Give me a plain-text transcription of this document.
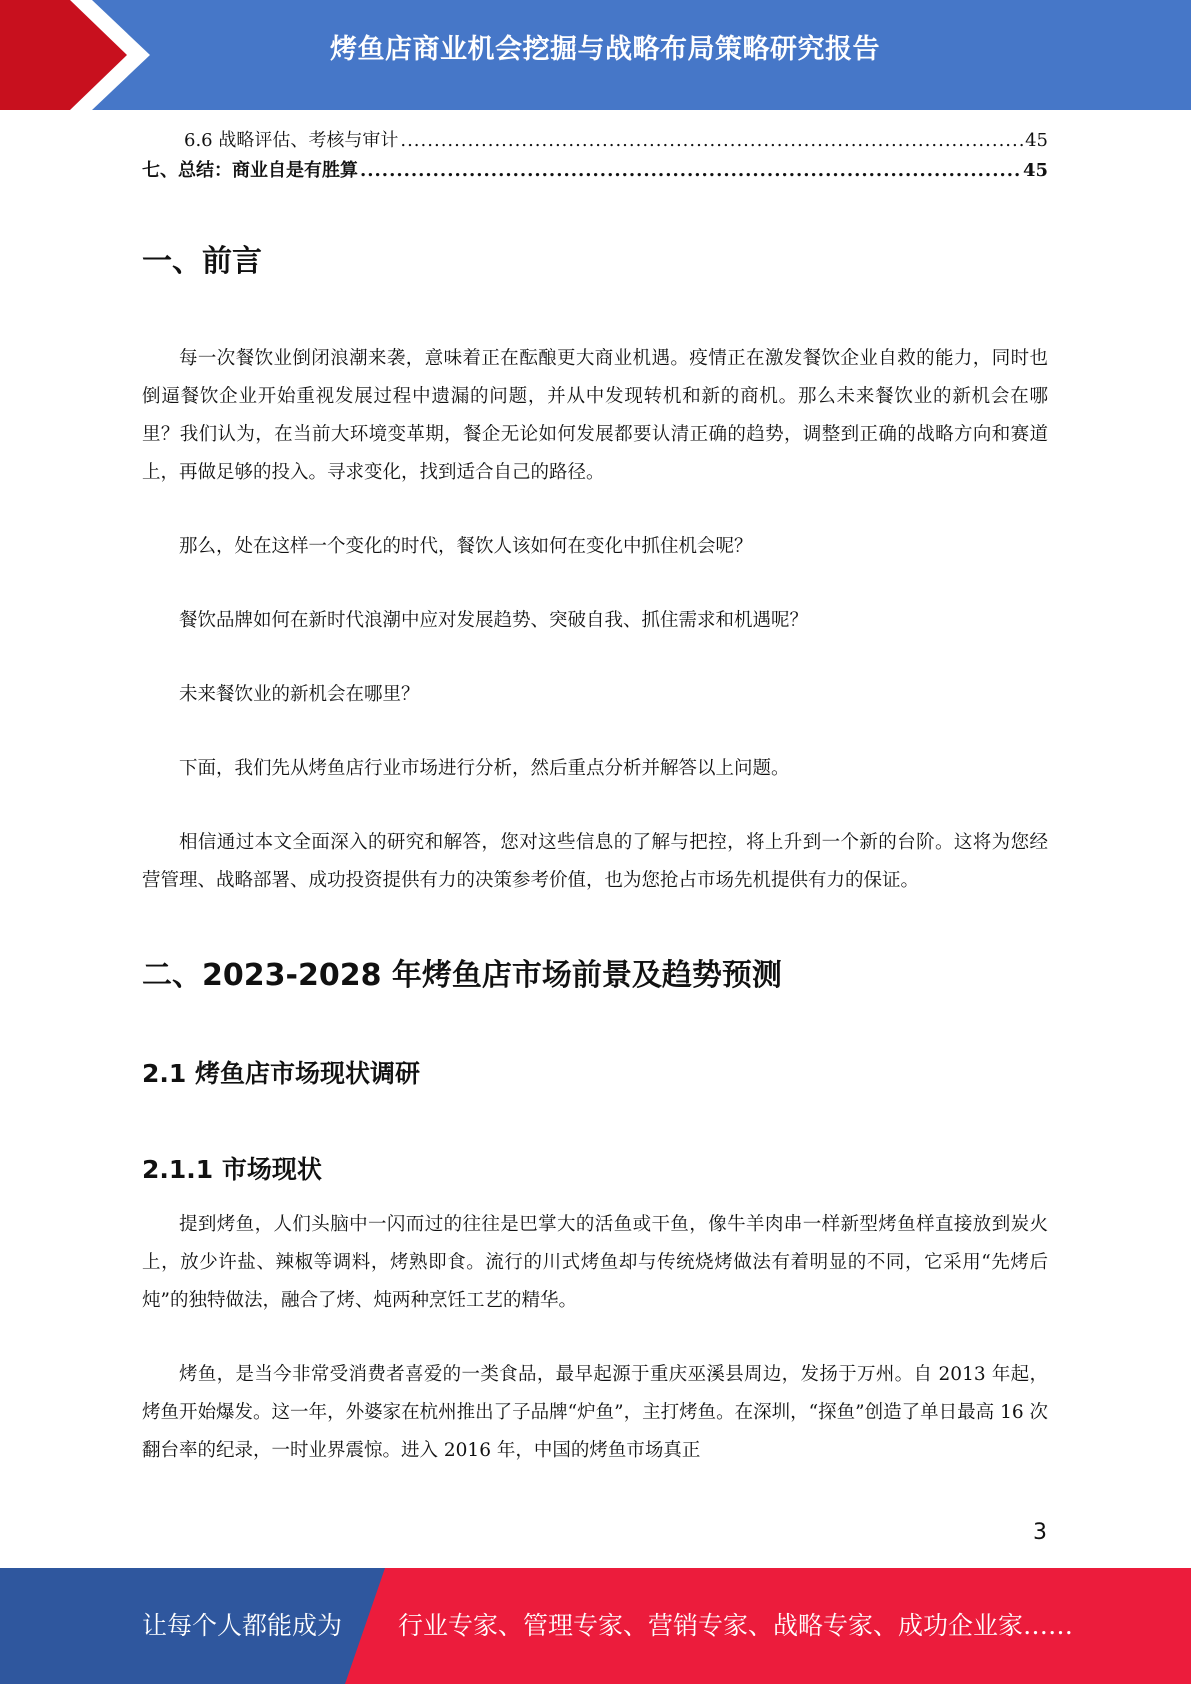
烤鱼店商业机会挖掘与战略布局策略研究报告
6.6 战略评估、考核与审计 .....	45
七、总结：商业自是有胜算 .....	45
一、前言

每一次餐饮业倒闭浪潮来袭，意味着正在酝酿更大商业机遇。疫情正在激发餐饮企业自救的能力，同时也倒逼餐饮企业开始重视发展过程中遗漏的问题，并从中发现转机和新的商机。那么未来餐饮业的新机会在哪里？我们认为，在当前大环境变革期，餐企无论如何发展都要认清正确的趋势，调整到正确的战略方向和赛道上，再做足够的投入。寻求变化，找到适合自己的路径。

那么，处在这样一个变化的时代，餐饮人该如何在变化中抓住机会呢？

餐饮品牌如何在新时代浪潮中应对发展趋势、突破自我、抓住需求和机遇呢？

未来餐饮业的新机会在哪里？

下面，我们先从烤鱼店行业市场进行分析，然后重点分析并解答以上问题。

相信通过本文全面深入的研究和解答，您对这些信息的了解与把控，将上升到一个新的台阶。这将为您经营管理、战略部署、成功投资提供有力的决策参考价值，也为您抢占市场先机提供有力的保证。

二、2023-2028 年烤鱼店市场前景及趋势预测
2.1 烤鱼店市场现状调研
2.1.1 市场现状

提到烤鱼，人们头脑中一闪而过的往往是巴掌大的活鱼或干鱼，像牛羊肉串一样新型烤鱼样直接放到炭火上，放少许盐、辣椒等调料，烤熟即食。流行的川式烤鱼却与传统烧烤做法有着明显的不同，它采用“先烤后炖”的独特做法，融合了烤、炖两种烹饪工艺的精华。

烤鱼，是当今非常受消费者喜爱的一类食品，最早起源于重庆巫溪县周边，发扬于万州。自 2013 年起，烤鱼开始爆发。这一年，外婆家在杭州推出了子品牌“炉鱼”，主打烤鱼。在深圳，“探鱼”创造了单日最高 16 次翻台率的纪录，一时业界震惊。进入 2016 年，中国的烤鱼市场真正

3
让每个人都能成为 行业专家、管理专家、营销专家、战略专家、成功企业家……
